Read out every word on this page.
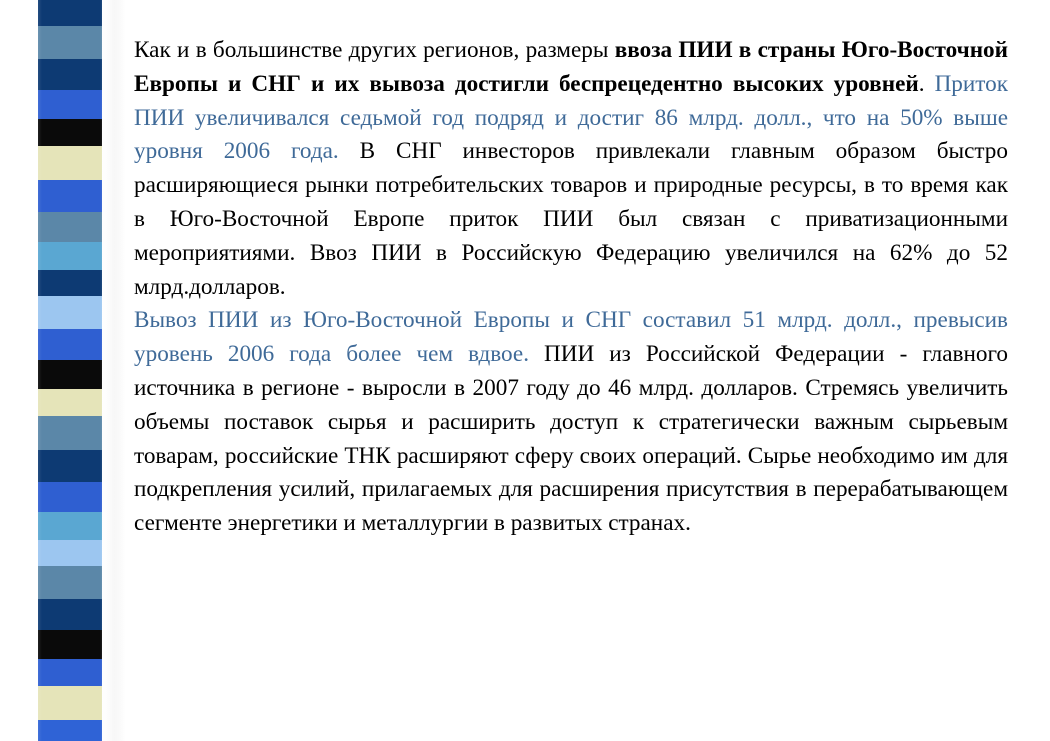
Как и в большинстве других регионов, размеры ввоза ПИИ в страны Юго-Восточной Европы и СНГ и их вывоза достигли беспрецедентно высоких уровней. Приток ПИИ увеличивался седьмой год подряд и достиг 86 млрд. долл., что на 50% выше уровня 2006 года. В СНГ инвесторов привлекали главным образом быстро расширяющиеся рынки потребительских товаров и природные ресурсы, в то время как в Юго-Восточной Европе приток ПИИ был связан с приватизационными мероприятиями. Ввоз ПИИ в Российскую Федерацию увеличился на 62% до 52 млрд.долларов.

Вывоз ПИИ из Юго-Восточной Европы и СНГ составил 51 млрд. долл., превысив уровень 2006 года более чем вдвое. ПИИ из Российской Федерации - главного источника в регионе - выросли в 2007 году до 46 млрд. долларов. Стремясь увеличить объемы поставок сырья и расширить доступ к стратегически важным сырьевым товарам, российские ТНК расширяют сферу своих операций. Сырье необходимо им для подкрепления усилий, прилагаемых для расширения присутствия в перерабатывающем сегменте энергетики и металлургии в развитых странах.
